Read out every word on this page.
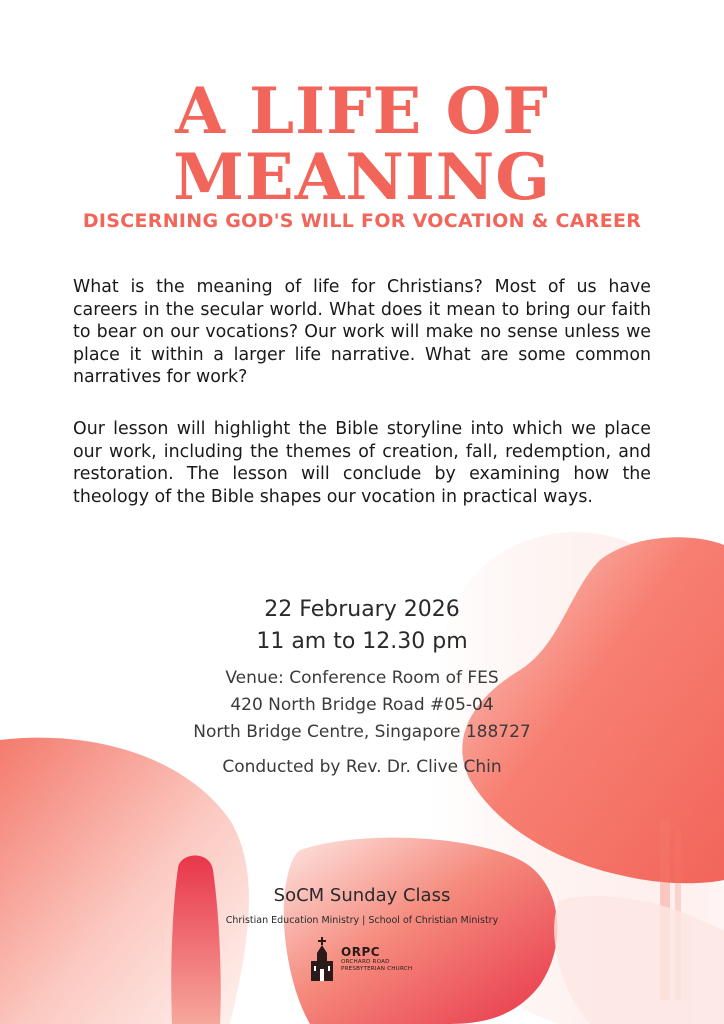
A LIFE OF
MEANING
DISCERNING GOD'S WILL FOR VOCATION & CAREER

What is the meaning of life for Christians? Most of us have careers in the secular world. What does it mean to bring our faith to bear on our vocations? Our work will make no sense unless we place it within a larger life narrative. What are some common narratives for work?

Our lesson will highlight the Bible storyline into which we place our work, including the themes of creation, fall, redemption, and restoration. The lesson will conclude by examining how the theology of the Bible shapes our vocation in practical ways.

22 February 2026

11 am to 12.30 pm

Venue: Conference Room of FES

420 North Bridge Road #05-04

North Bridge Centre, Singapore 188727

Conducted by Rev. Dr. Clive Chin

SoCM Sunday Class

Christian Education Ministry | School of Christian Ministry

ORPC
ORCHARD ROAD
PRESBYTERIAN CHURCH
